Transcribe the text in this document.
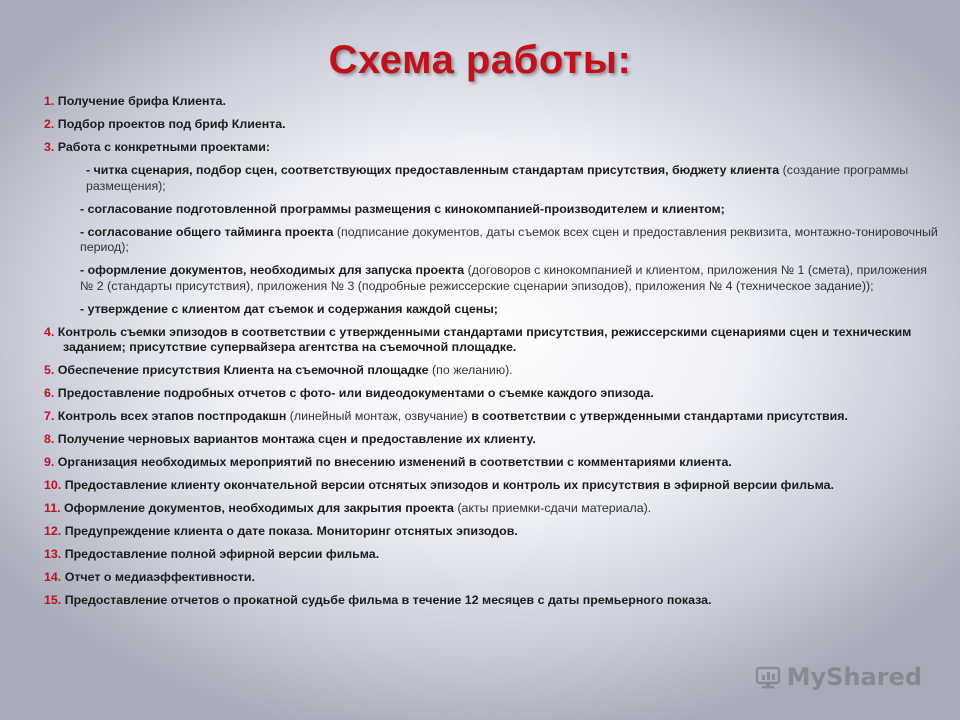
Схема работы:
1. Получение брифа Клиента.
2. Подбор проектов под бриф Клиента.
3. Работа с конкретными проектами:
- читка сценария, подбор сцен, соответствующих предоставленным стандартам присутствия, бюджету клиента (создание программы размещения);
- согласование подготовленной программы размещения с кинокомпанией-производителем и клиентом;
- согласование общего тайминга проекта (подписание документов, даты съемок всех сцен и предоставления реквизита, монтажно-тонировочный период);
- оформление документов, необходимых для запуска проекта (договоров с кинокомпанией и клиентом, приложения № 1 (смета), приложения № 2 (стандарты присутствия), приложения № 3 (подробные режиссерские сценарии эпизодов), приложения № 4 (техническое задание));
- утверждение с клиентом дат съемок и содержания каждой сцены;
4. Контроль съемки эпизодов в соответствии с утвержденными стандартами присутствия, режиссерскими сценариями сцен и техническим заданием; присутствие супервайзера агентства на съемочной площадке.
5. Обеспечение присутствия Клиента на съемочной площадке (по желанию).
6. Предоставление подробных отчетов с фото- или видеодокументами о съемке каждого эпизода.
7. Контроль всех этапов постпродакшн (линейный монтаж, озвучание) в соответствии с утвержденными стандартами присутствия.
8. Получение черновых вариантов монтажа сцен и предоставление их клиенту.
9. Организация необходимых мероприятий по внесению изменений в соответствии с комментариями клиента.
10. Предоставление клиенту окончательной версии отснятых эпизодов и контроль их присутствия в эфирной версии фильма.
11. Оформление документов, необходимых для закрытия проекта (акты приемки-сдачи материала).
12. Предупреждение клиента о дате показа. Мониторинг отснятых эпизодов.
13. Предоставление полной эфирной версии фильма.
14. Отчет о медиаэффективности.
15. Предоставление отчетов о прокатной судьбе фильма в течение 12 месяцев с даты премьерного показа.
MyShared
